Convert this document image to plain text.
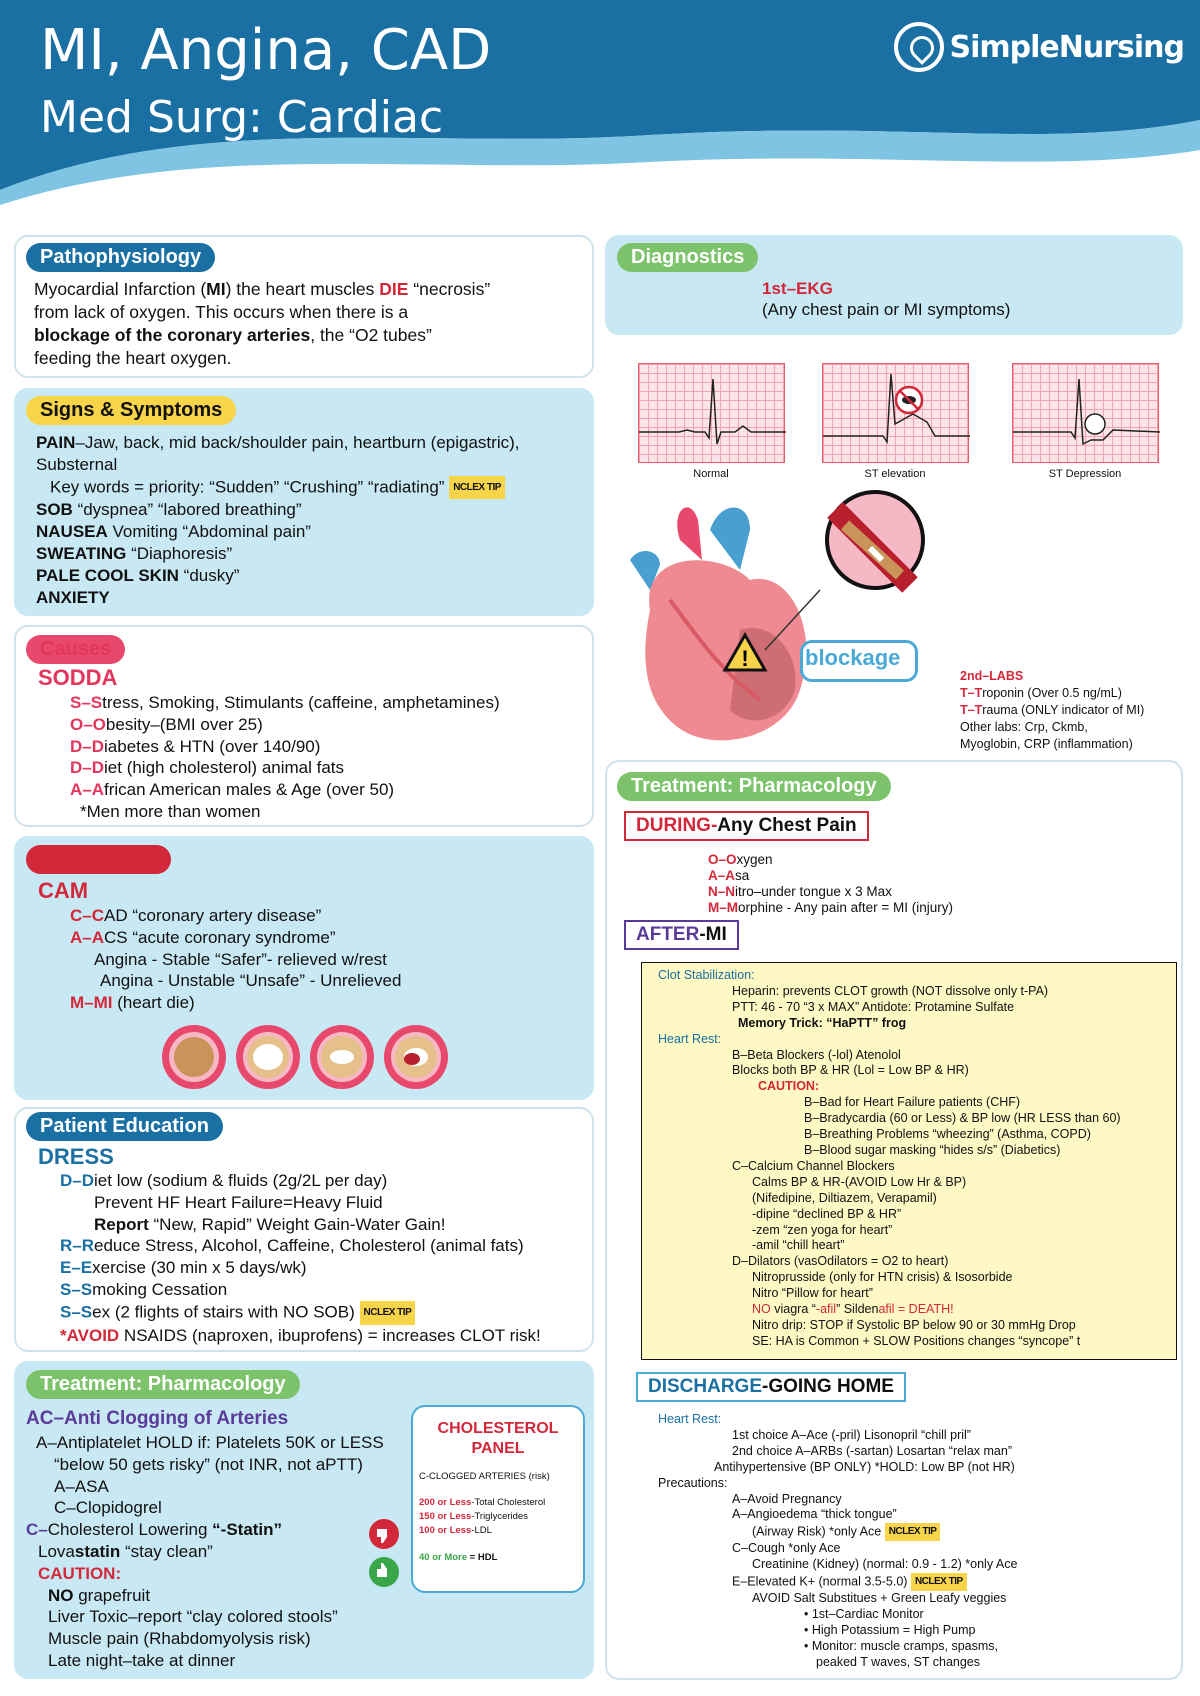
MI, Angina, CAD
Med Surg: Cardiac
SimpleNursing
Pathophysiology
Myocardial Infarction (MI) the heart muscles DIE “necrosis”
from lack of oxygen. This occurs when there is a
blockage of the coronary arteries, the “O2 tubes”
feeding the heart oxygen.
Signs & Symptoms
PAIN–Jaw, back, mid back/shoulder pain, heartburn (epigastric),
Substernal
Key words = priority: “Sudden” “Crushing” “radiating” NCLEX TIP
SOB “dyspnea” “labored breathing”
NAUSEA Vomiting “Abdominal pain”
SWEATING “Diaphoresis”
PALE COOL SKIN “dusky”
ANXIETY
Causes
SODDA
S–Stress, Smoking, Stimulants (caffeine, amphetamines)
O–Obesity–(BMI over 25)
D–Diabetes & HTN (over 140/90)
D–Diet (high cholesterol) animal fats
A–African American males & Age (over 50)
*Men more than women
Progression
CAM
C–CAD “coronary artery disease”
A–ACS “acute coronary syndrome”
Angina - Stable “Safer”- relieved w/rest
Angina - Unstable “Unsafe” - Unrelieved
M–MI (heart die)
Patient Education
DRESS
D–Diet low (sodium & fluids (2g/2L per day)
Prevent HF Heart Failure=Heavy Fluid
Report “New, Rapid” Weight Gain-Water Gain!
R–Reduce Stress, Alcohol, Caffeine, Cholesterol (animal fats)
E–Exercise (30 min x 5 days/wk)
S–Smoking Cessation
S–Sex (2 flights of stairs with NO SOB) NCLEX TIP
*AVOID NSAIDS (naproxen, ibuprofens) = increases CLOT risk!
Treatment: Pharmacology
AC–Anti Clogging of Arteries
A–Antiplatelet HOLD if: Platelets 50K or LESS
“below 50 gets risky” (not INR, not aPTT)
A–ASA
C–Clopidogrel
C–Cholesterol Lowering “-Statin”
Lovastatin “stay clean”
CAUTION:
NO grapefruit
Liver Toxic–report “clay colored stools”
Muscle pain (Rhabdomyolysis risk)
Late night–take at dinner
CHOLESTEROL
PANEL
C-CLOGGED ARTERIES (risk)
200 or Less-Total Cholesterol
150 or Less-Triglycerides
100 or Less-LDL
40 or More = HDL
Diagnostics
1st–EKG
(Any chest pain or MI symptoms)
Normal	ST elevation	ST Depression
!	blockage
2nd–LABS
T–Troponin (Over 0.5 ng/mL)
T–Trauma (ONLY indicator of MI)
Other labs: Crp, Ckmb,
Myoglobin, CRP (inflammation)
Treatment: Pharmacology
DURING-Any Chest Pain
O–Oxygen
A–Asa
N–Nitro–under tongue x 3 Max
M–Morphine - Any pain after = MI (injury)
AFTER-MI
Clot Stabilization:
Heparin: prevents CLOT growth (NOT dissolve only t-PA)
PTT: 46 - 70 “3 x MAX” Antidote: Protamine Sulfate
Memory Trick: “HaPTT” frog
Heart Rest:
B–Beta Blockers (-lol) Atenolol
Blocks both BP & HR (Lol = Low BP & HR)
CAUTION:
B–Bad for Heart Failure patients (CHF)
B–Bradycardia (60 or Less) & BP low (HR LESS than 60)
B–Breathing Problems “wheezing” (Asthma, COPD)
B–Blood sugar masking “hides s/s” (Diabetics)
C–Calcium Channel Blockers
Calms BP & HR-(AVOID Low Hr & BP)
(Nifedipine, Diltiazem, Verapamil)
-dipine “declined BP & HR”
-zem “zen yoga for heart”
-amil “chill heart”
D–Dilators (vasOdilators = O2 to heart)
Nitroprusside (only for HTN crisis) & Isosorbide
Nitro “Pillow for heart”
NO viagra “-afil” Sildenafil = DEATH!
Nitro drip: STOP if Systolic BP below 90 or 30 mmHg Drop
SE: HA is Common + SLOW Positions changes “syncope” t
DISCHARGE-GOING HOME
Heart Rest:
1st choice A–Ace (-pril) Lisonopril “chill pril”
2nd choice A–ARBs (-sartan) Losartan “relax man”
Antihypertensive (BP ONLY) *HOLD: Low BP (not HR)
Precautions:
A–Avoid Pregnancy
A–Angioedema “thick tongue”
(Airway Risk) *only Ace NCLEX TIP
C–Cough *only Ace
Creatinine (Kidney) (normal: 0.9 - 1.2) *only Ace
E–Elevated K+ (normal 3.5-5.0) NCLEX TIP
AVOID Salt Substitues + Green Leafy veggies
• 1st–Cardiac Monitor
• High Potassium = High Pump
• Monitor: muscle cramps, spasms,
peaked T waves, ST changes
